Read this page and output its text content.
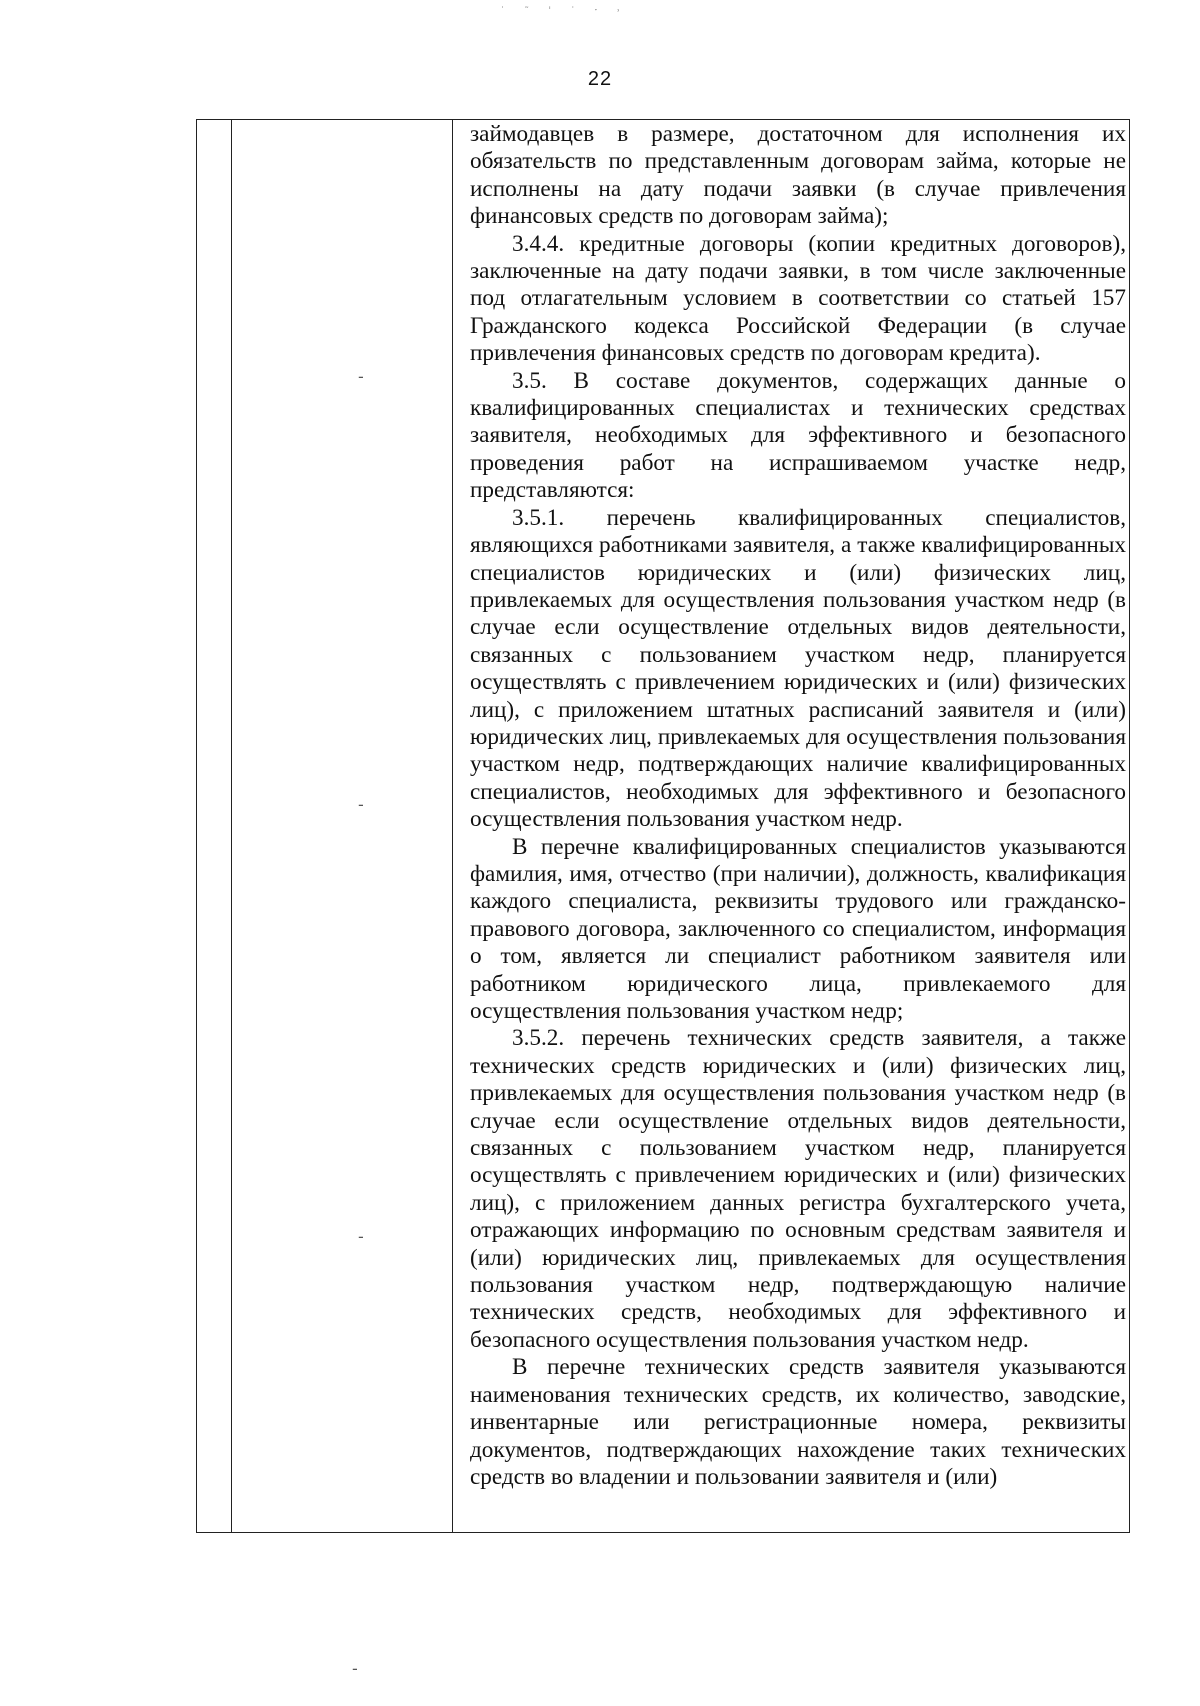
˙ ˜ ˈ ˙ ˑ ˒
22
-
-
-
-

займодавцев в размере, достаточном для исполнения их обязательств по представленным договорам займа, которые не исполнены на дату подачи заявки (в случае привлечения финансовых средств по договорам займа);

3.4.4. кредитные договоры (копии кредитных договоров), заключенные на дату подачи заявки, в том числе заключенные под отлагательным условием в соответствии со статьей 157 Гражданского кодекса Российской Федерации (в случае привлечения финансовых средств по договорам кредита).

3.5. В составе документов, содержащих данные о квалифицированных специалистах и технических средствах заявителя, необходимых для эффективного и безопасного проведения работ на испрашиваемом участке недр, представляются:

3.5.1. перечень квалифицированных специалистов, являющихся работниками заявителя, а также квалифицированных специалистов юридических и (или) физических лиц, привлекаемых для осуществления пользования участком недр (в случае если осуществление отдельных видов деятельности, связанных с пользованием участком недр, планируется осуществлять с привлечением юридических и (или) физических лиц), с приложением штатных расписаний заявителя и (или) юридических лиц, привлекаемых для осуществления пользования участком недр, подтверждающих наличие квалифицированных специалистов, необходимых для эффективного и безопасного осуществления пользования участком недр.

В перечне квалифицированных специалистов указываются фамилия, имя, отчество (при наличии), должность, квалификация каждого специалиста, реквизиты трудового или гражданско-правового договора, заключенного со специалистом, информация о том, является ли специалист работником заявителя или работником юридического лица, привлекаемого для осуществления пользования участком недр;

3.5.2. перечень технических средств заявителя, а также технических средств юридических и (или) физических лиц, привлекаемых для осуществления пользования участком недр (в случае если осуществление отдельных видов деятельности, связанных с пользованием участком недр, планируется осуществлять с привлечением юридических и (или) физических лиц), с приложением данных регистра бухгалтерского учета, отражающих информацию по основным средствам заявителя и (или) юридических лиц, привлекаемых для осуществления пользования участком недр, подтверждающую наличие технических средств, необходимых для эффективного и безопасного осуществления пользования участком недр.

В перечне технических средств заявителя указываются наименования технических средств, их количество, заводские, инвентарные или регистрационные номера, реквизиты документов, подтверждающих нахождение таких технических средств во владении и пользовании заявителя и (или)
